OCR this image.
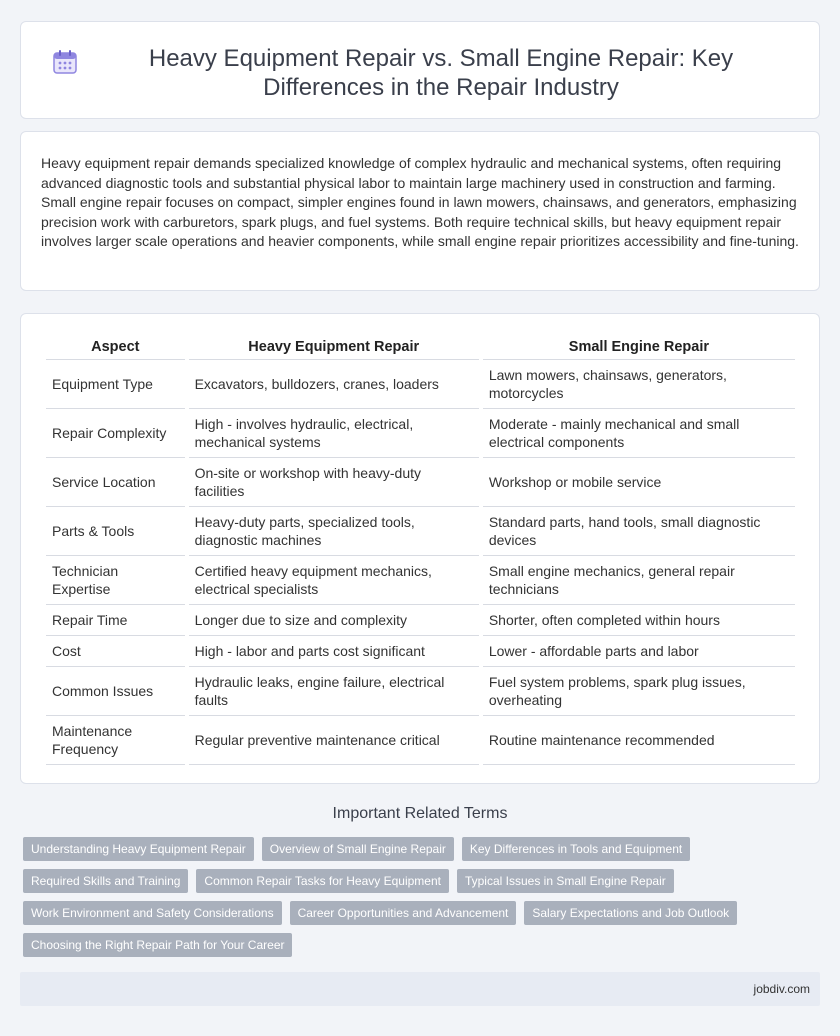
Heavy Equipment Repair vs. Small Engine Repair: Key Differences in the Repair Industry

Heavy equipment repair demands specialized knowledge of complex hydraulic and mechanical systems, often requiring advanced diagnostic tools and substantial physical labor to maintain large machinery used in construction and farming. Small engine repair focuses on compact, simpler engines found in lawn mowers, chainsaws, and generators, emphasizing precision work with carburetors, spark plugs, and fuel systems. Both require technical skills, but heavy equipment repair involves larger scale operations and heavier components, while small engine repair prioritizes accessibility and fine-tuning.

Aspect	Heavy Equipment Repair	Small Engine Repair
Equipment Type	Excavators, bulldozers, cranes, loaders	Lawn mowers, chainsaws, generators, motorcycles
Repair Complexity	High - involves hydraulic, electrical, mechanical systems	Moderate - mainly mechanical and small electrical components
Service Location	On-site or workshop with heavy-duty facilities	Workshop or mobile service
Parts & Tools	Heavy-duty parts, specialized tools, diagnostic machines	Standard parts, hand tools, small diagnostic devices
Technician Expertise	Certified heavy equipment mechanics, electrical specialists	Small engine mechanics, general repair technicians
Repair Time	Longer due to size and complexity	Shorter, often completed within hours
Cost	High - labor and parts cost significant	Lower - affordable parts and labor
Common Issues	Hydraulic leaks, engine failure, electrical faults	Fuel system problems, spark plug issues, overheating
Maintenance Frequency	Regular preventive maintenance critical	Routine maintenance recommended
Important Related Terms
Understanding Heavy Equipment Repair	Overview of Small Engine Repair	Key Differences in Tools and Equipment
Required Skills and Training	Common Repair Tasks for Heavy Equipment	Typical Issues in Small Engine Repair
Work Environment and Safety Considerations	Career Opportunities and Advancement	Salary Expectations and Job Outlook
Choosing the Right Repair Path for Your Career
jobdiv.com
